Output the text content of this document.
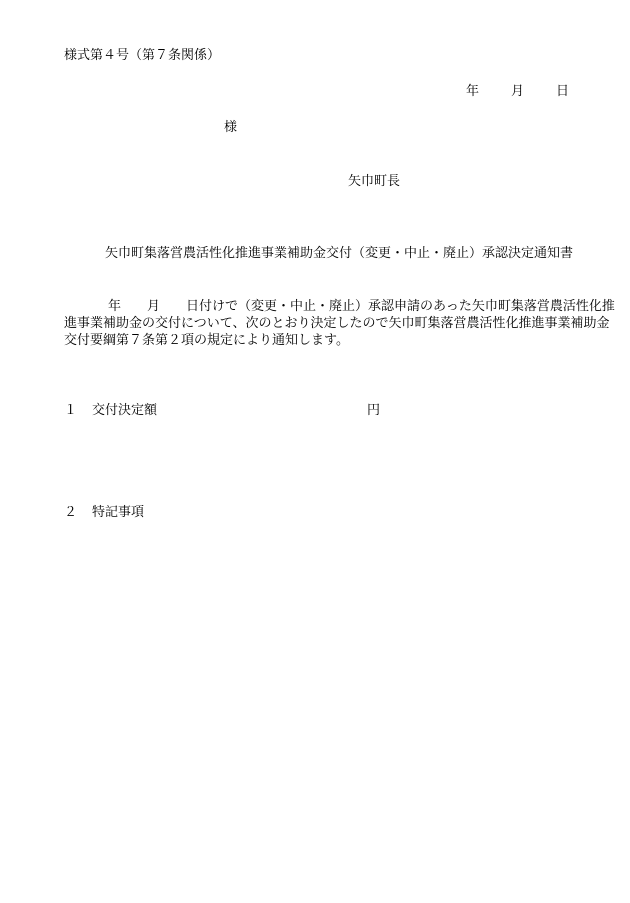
様式第４号（第７条関係）
年 月 日
様
矢巾町長
矢巾町集落営農活性化推進事業補助金交付（変更・中止・廃止）承認決定通知書
年　　月　　日付けで（変更・中止・廃止）承認申請のあった矢巾町集落営農活性化推進事業補助金の交付について、次のとおり決定したので矢巾町集落営農活性化推進事業補助金交付要綱第７条第２項の規定により通知します。
１ 交付決定額	円
２ 特記事項
